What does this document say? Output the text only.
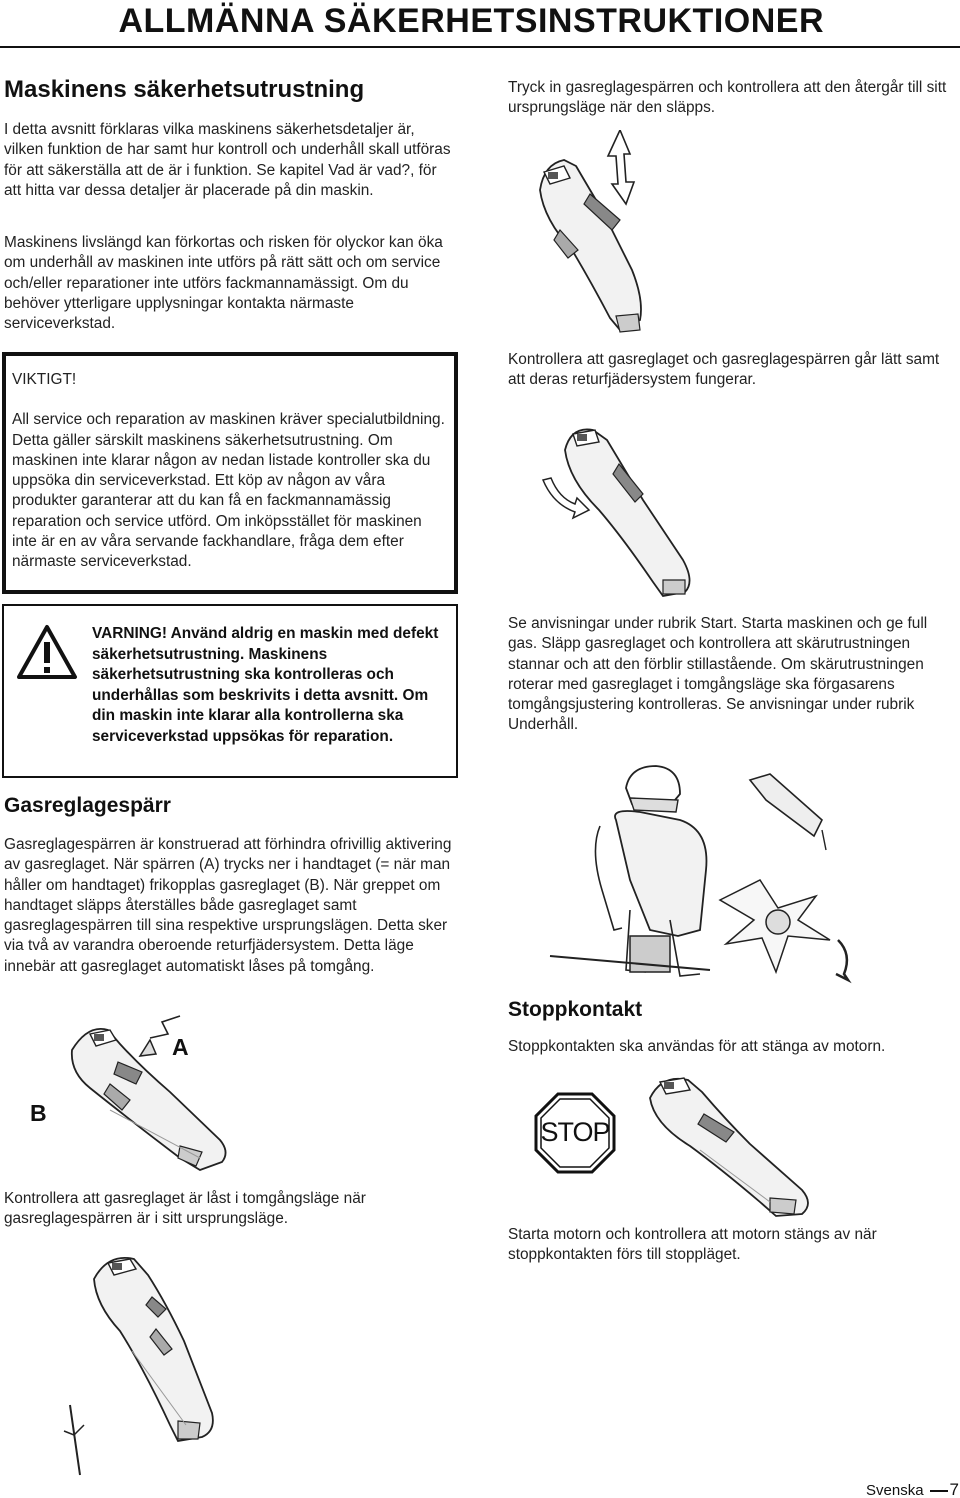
ALLMÄNNA SÄKERHETSINSTRUKTIONER
Maskinens säkerhetsutrustning

I detta avsnitt förklaras vilka maskinens säkerhetsdetaljer är, vilken funktion de har samt hur kontroll och underhåll skall utföras för att säkerställa att de är i funktion. Se kapitel Vad är vad?, för att hitta var dessa detaljer är placerade på din maskin.

Maskinens livslängd kan förkortas och risken för olyckor kan öka om underhåll av maskinen inte utförs på rätt sätt och om service och/eller reparationer inte utförs fackmannamässigt. Om du behöver ytterligare upplysningar kontakta närmaste serviceverkstad.

VIKTIGT!

All service och reparation av maskinen kräver specialutbildning. Detta gäller särskilt maskinens säkerhetsutrustning. Om maskinen inte klarar någon av nedan listade kontroller ska du uppsöka din serviceverkstad. Ett köp av någon av våra produkter garanterar att du kan få en fackmannamässig reparation och service utförd. Om inköpsstället för maskinen inte är en av våra servande fackhandlare, fråga dem efter närmaste serviceverkstad.

VARNING! Använd aldrig en maskin med defekt säkerhetsutrustning. Maskinens säkerhetsutrustning ska kontrolleras och underhållas som beskrivits i detta avsnitt. Om din maskin inte klarar alla kontrollerna ska serviceverkstad uppsökas för reparation.

Gasreglagespärr

Gasreglagespärren är konstruerad att förhindra ofrivillig aktivering av gasreglaget. När spärren (A) trycks ner i handtaget (= när man håller om handtaget) frikopplas gasreglaget (B). När greppet om handtaget släpps återställes både gasreglaget samt gasreglagespärren till sina respektive ursprungslägen. Detta sker via två av varandra oberoende returfjädersystem. Detta läge innebär att gasreglaget automatiskt låses på tomgång.

A
B

Kontrollera att gasreglaget är låst i tomgångsläge när gasreglagespärren är i sitt ursprungsläge.

Tryck in gasreglagespärren och kontrollera att den återgår till sitt ursprungsläge när den släpps.

Kontrollera att gasreglaget och gasreglagespärren går lätt samt att deras returfjädersystem fungerar.

Se anvisningar under rubrik Start. Starta maskinen och ge full gas. Släpp gasreglaget och kontrollera att skärutrustningen stannar och att den förblir stillastående. Om skärutrustningen roterar med gasreglaget i tomgångsläge ska förgasarens tomgångsjustering kontrolleras. Se anvisningar under rubrik Underhåll.

Stoppkontakt

Stoppkontakten ska användas för att stänga av motorn.

STOP

Starta motorn och kontrollera att motorn stängs av när stoppkontakten förs till stoppläget.

Svenska 7
